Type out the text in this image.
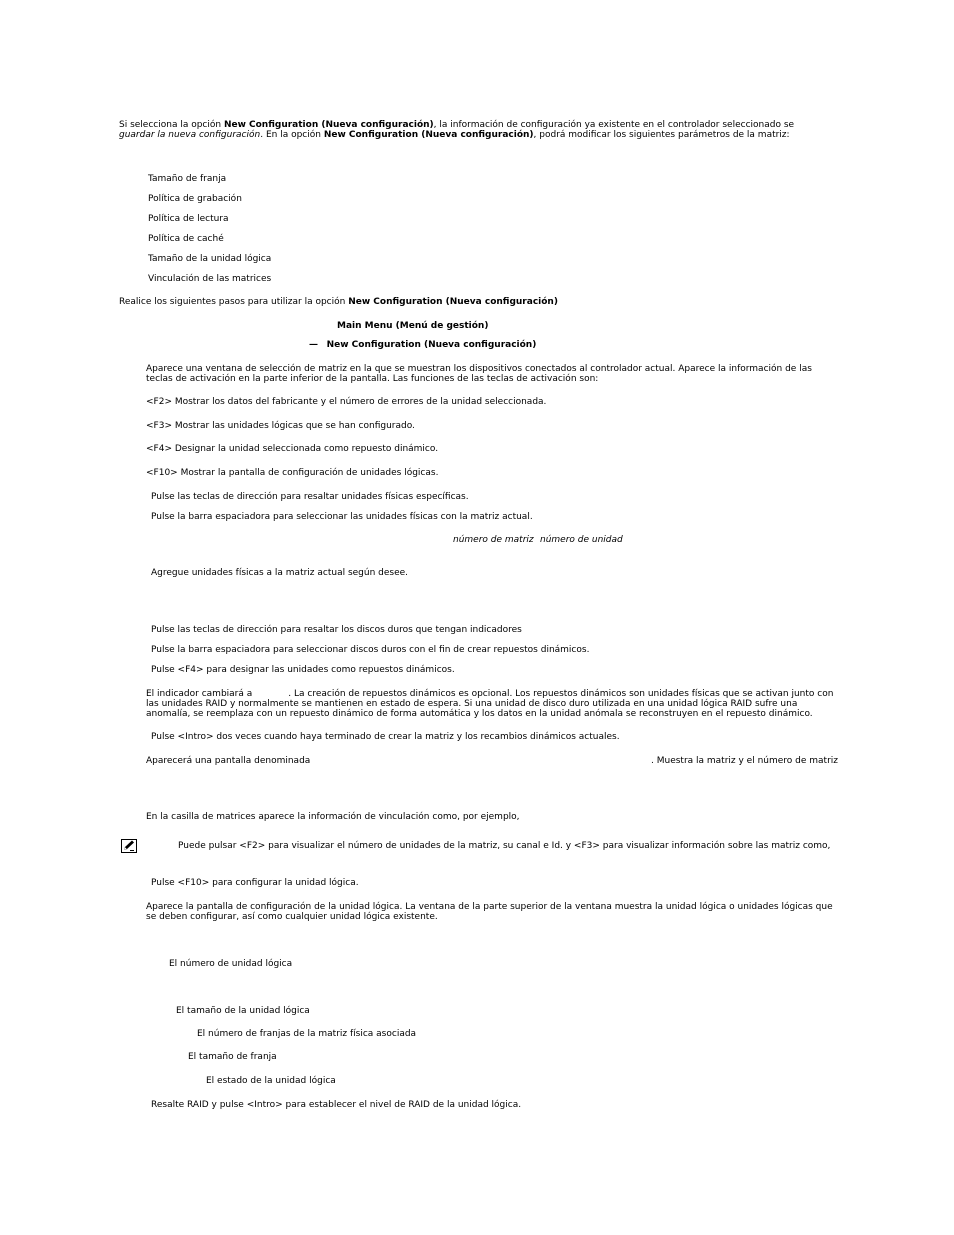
Si selecciona la opción New Configuration (Nueva configuración), la información de configuración ya existente en el controlador seleccionado se
guardar la nueva configuración. En la opción New Configuration (Nueva configuración), podrá modificar los siguientes parámetros de la matriz:
Tamaño de franja
Política de grabación
Política de lectura
Política de caché
Tamaño de la unidad lógica
Vinculación de las matrices
Realice los siguientes pasos para utilizar la opción New Configuration (Nueva configuración)
Main Menu (Menú de gestión)
— New Configuration (Nueva configuración)
Aparece una ventana de selección de matriz en la que se muestran los dispositivos conectados al controlador actual. Aparece la información de las
teclas de activación en la parte inferior de la pantalla. Las funciones de las teclas de activación son:
<F2> Mostrar los datos del fabricante y el número de errores de la unidad seleccionada.
<F3> Mostrar las unidades lógicas que se han configurado.
<F4> Designar la unidad seleccionada como repuesto dinámico.
<F10> Mostrar la pantalla de configuración de unidades lógicas.
Pulse las teclas de dirección para resaltar unidades físicas específicas.
Pulse la barra espaciadora para seleccionar las unidades físicas con la matriz actual.
número de matriz número de unidad
Agregue unidades físicas a la matriz actual según desee.
Pulse las teclas de dirección para resaltar los discos duros que tengan indicadores
Pulse la barra espaciadora para seleccionar discos duros con el fin de crear repuestos dinámicos.
Pulse <F4> para designar las unidades como repuestos dinámicos.
El indicador cambiará a	. La creación de repuestos dinámicos es opcional. Los repuestos dinámicos son unidades físicas que se activan junto con
las unidades RAID y normalmente se mantienen en estado de espera. Si una unidad de disco duro utilizada en una unidad lógica RAID sufre una
anomalía, se reemplaza con un repuesto dinámico de forma automática y los datos en la unidad anómala se reconstruyen en el repuesto dinámico.
Pulse <Intro> dos veces cuando haya terminado de crear la matriz y los recambios dinámicos actuales.
Aparecerá una pantalla denominada	. Muestra la matriz y el número de matriz
En la casilla de matrices aparece la información de vinculación como, por ejemplo,
Puede pulsar <F2> para visualizar el número de unidades de la matriz, su canal e Id. y <F3> para visualizar información sobre las matriz como,
Pulse <F10> para configurar la unidad lógica.
Aparece la pantalla de configuración de la unidad lógica. La ventana de la parte superior de la ventana muestra la unidad lógica o unidades lógicas que
se deben configurar, así como cualquier unidad lógica existente.
El número de unidad lógica
El tamaño de la unidad lógica
El número de franjas de la matriz física asociada
El tamaño de franja
El estado de la unidad lógica
Resalte RAID y pulse <Intro> para establecer el nivel de RAID de la unidad lógica.
